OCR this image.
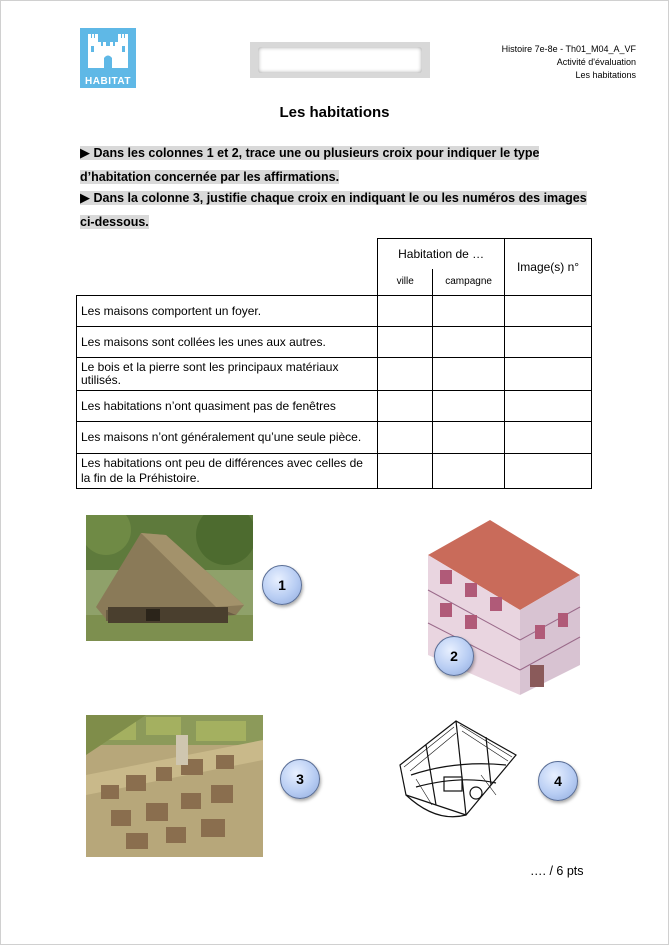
HABITAT
Histoire 7e-8e - Th01_M04_A_VF
Activité d'évaluation
Les habitations
Les habitations
▶ Dans les colonnes 1 et 2, trace une ou plusieurs croix pour indiquer le type d’habitation concernée par les affirmations.
▶ Dans la colonne 3, justifie chaque croix en indiquant le ou les numéros des images ci-dessous.
	Habitation de …		Image(s) n°
	ville	campagne	
Les maisons comportent un foyer.			
Les maisons sont collées les unes aux autres.			
Le bois et la pierre sont les principaux matériaux utilisés.			
Les habitations n’ont quasiment pas de fenêtres			
Les maisons n’ont généralement qu’une seule pièce.			
Les habitations ont peu de différences avec celles de la fin de la Préhistoire.			
1
2
3	4
…. / 6 pts
